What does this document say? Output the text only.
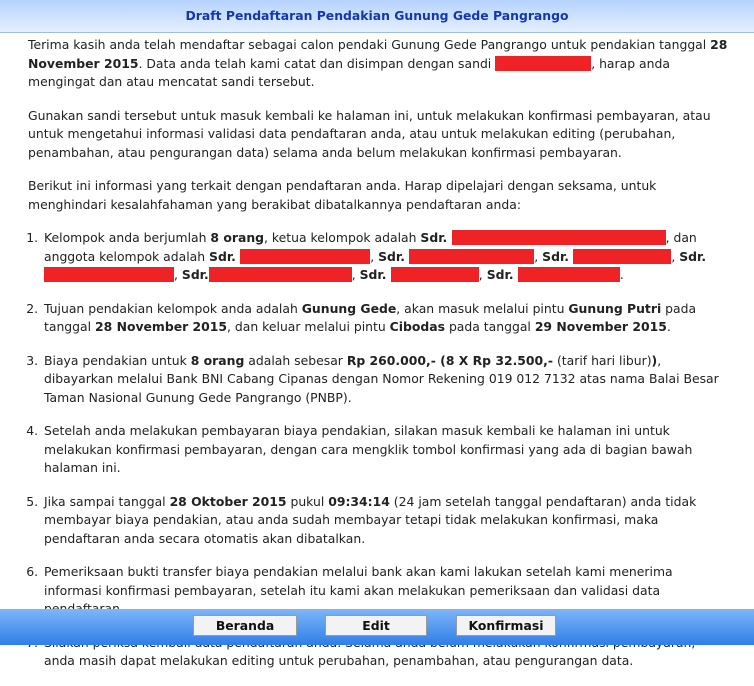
Draft Pendaftaran Pendakian Gunung Gede Pangrango

Terima kasih anda telah mendaftar sebagai calon pendaki Gunung Gede Pangrango untuk pendakian tanggal 28 November 2015. Data anda telah kami catat dan disimpan dengan sandi	, harap anda mengingat dan atau mencatat sandi tersebut.

Gunakan sandi tersebut untuk masuk kembali ke halaman ini, untuk melakukan konfirmasi pembayaran, atau untuk mengetahui informasi validasi data pendaftaran anda, atau untuk melakukan editing (perubahan, penambahan, atau pengurangan data) selama anda belum melakukan konfirmasi pembayaran.

Berikut ini informasi yang terkait dengan pendaftaran anda. Harap dipelajari dengan seksama, untuk menghindari kesalahfahaman yang berakibat dibatalkannya pendaftaran anda:

1. Kelompok anda berjumlah 8 orang, ketua kelompok adalah Sdr.	, dan anggota kelompok adalah Sdr.	, Sdr.	, Sdr.	, Sdr. , Sdr.	, Sdr.	, Sdr.	.
2. Tujuan pendakian kelompok anda adalah Gunung Gede, akan masuk melalui pintu Gunung Putri pada tanggal 28 November 2015, dan keluar melalui pintu Cibodas pada tanggal 29 November 2015.
3. Biaya pendakian untuk 8 orang adalah sebesar Rp 260.000,- (8 X Rp 32.500,- (tarif hari libur)), dibayarkan melalui Bank BNI Cabang Cipanas dengan Nomor Rekening 019 012 7132 atas nama Balai Besar Taman Nasional Gunung Gede Pangrango (PNBP).
4. Setelah anda melakukan pembayaran biaya pendakian, silakan masuk kembali ke halaman ini untuk melakukan konfirmasi pembayaran, dengan cara mengklik tombol konfirmasi yang ada di bagian bawah halaman ini.
5. Jika sampai tanggal 28 Oktober 2015 pukul 09:34:14 (24 jam setelah tanggal pendaftaran) anda tidak membayar biaya pendakian, atau anda sudah membayar tetapi tidak melakukan konfirmasi, maka pendaftaran anda secara otomatis akan dibatalkan.
6. Pemeriksaan bukti transfer biaya pendakian melalui bank akan kami lakukan setelah kami menerima informasi konfirmasi pembayaran, setelah itu kami akan melakukan pemeriksaan dan validasi data
7. anda masih dapat melakukan editing untuk perubahan, penambahan, atau pengurangan data.
Beranda	Edit	Konfirmasi
